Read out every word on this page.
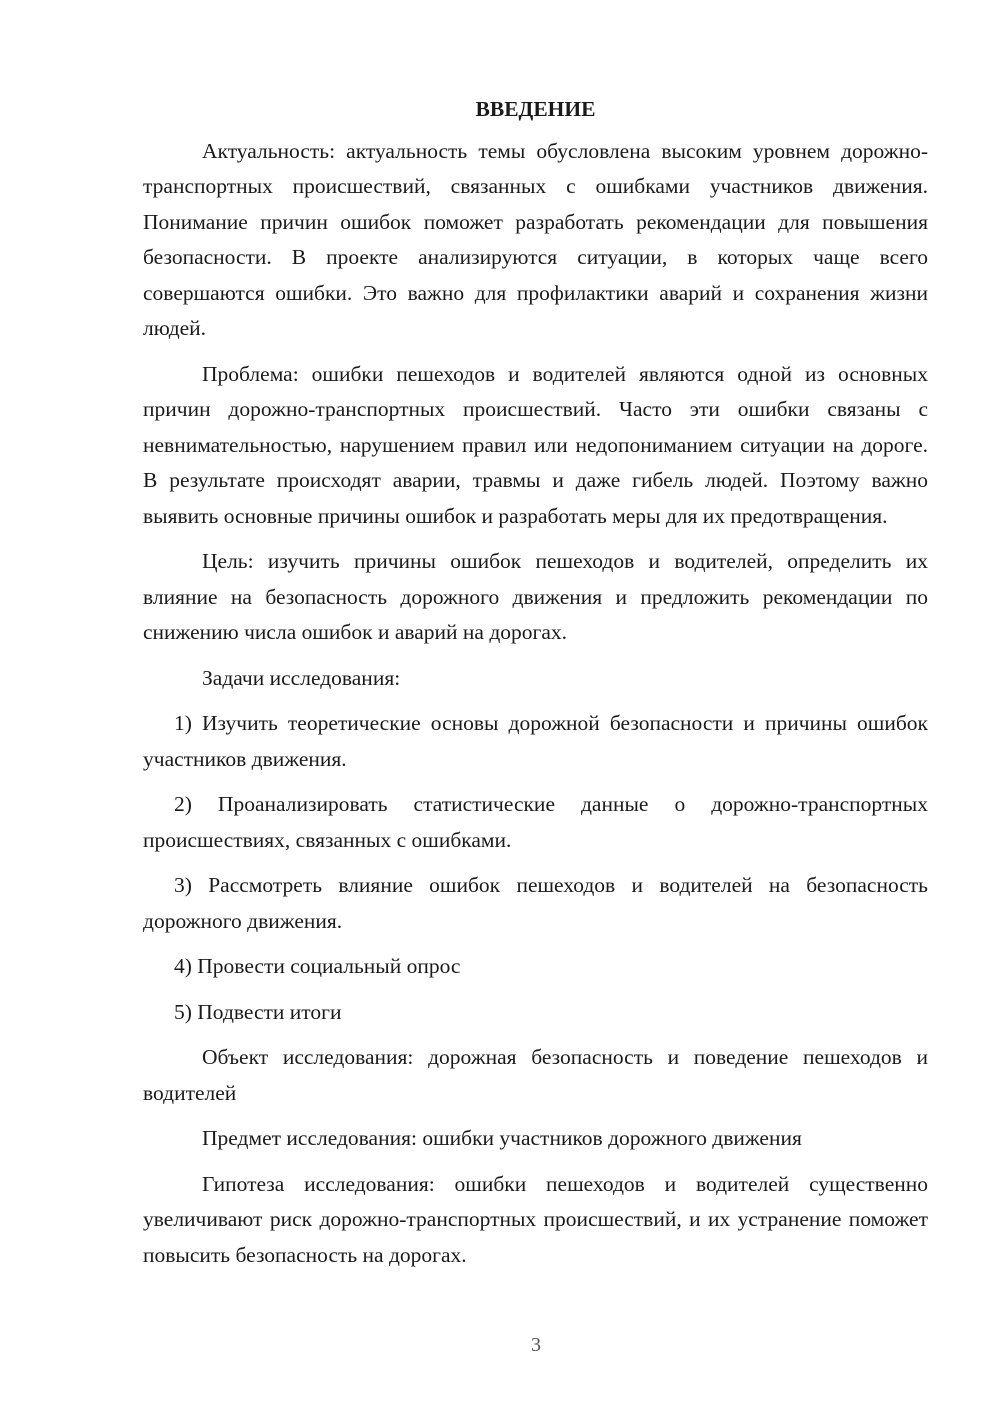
ВВЕДЕНИЕ

Актуальность: актуальность темы обусловлена высоким уровнем дорожно-транспортных происшествий, связанных с ошибками участников движения. Понимание причин ошибок поможет разработать рекомендации для повышения безопасности. В проекте анализируются ситуации, в которых чаще всего совершаются ошибки. Это важно для профилактики аварий и сохранения жизни людей.

Проблема: ошибки пешеходов и водителей являются одной из основных причин дорожно-транспортных происшествий. Часто эти ошибки связаны с невнимательностью, нарушением правил или недопониманием ситуации на дороге. В результате происходят аварии, травмы и даже гибель людей. Поэтому важно выявить основные причины ошибок и разработать меры для их предотвращения.

Цель: изучить причины ошибок пешеходов и водителей, определить их влияние на безопасность дорожного движения и предложить рекомендации по снижению числа ошибок и аварий на дорогах.

Задачи исследования:

1) Изучить теоретические основы дорожной безопасности и причины ошибок участников движения.

2) Проанализировать статистические данные о дорожно-транспортных происшествиях, связанных с ошибками.

3) Рассмотреть влияние ошибок пешеходов и водителей на безопасность дорожного движения.

4) Провести социальный опрос

5) Подвести итоги

Объект исследования: дорожная безопасность и поведение пешеходов и водителей

Предмет исследования: ошибки участников дорожного движения

Гипотеза исследования: ошибки пешеходов и водителей существенно увеличивают риск дорожно-транспортных происшествий, и их устранение поможет повысить безопасность на дорогах.

3
